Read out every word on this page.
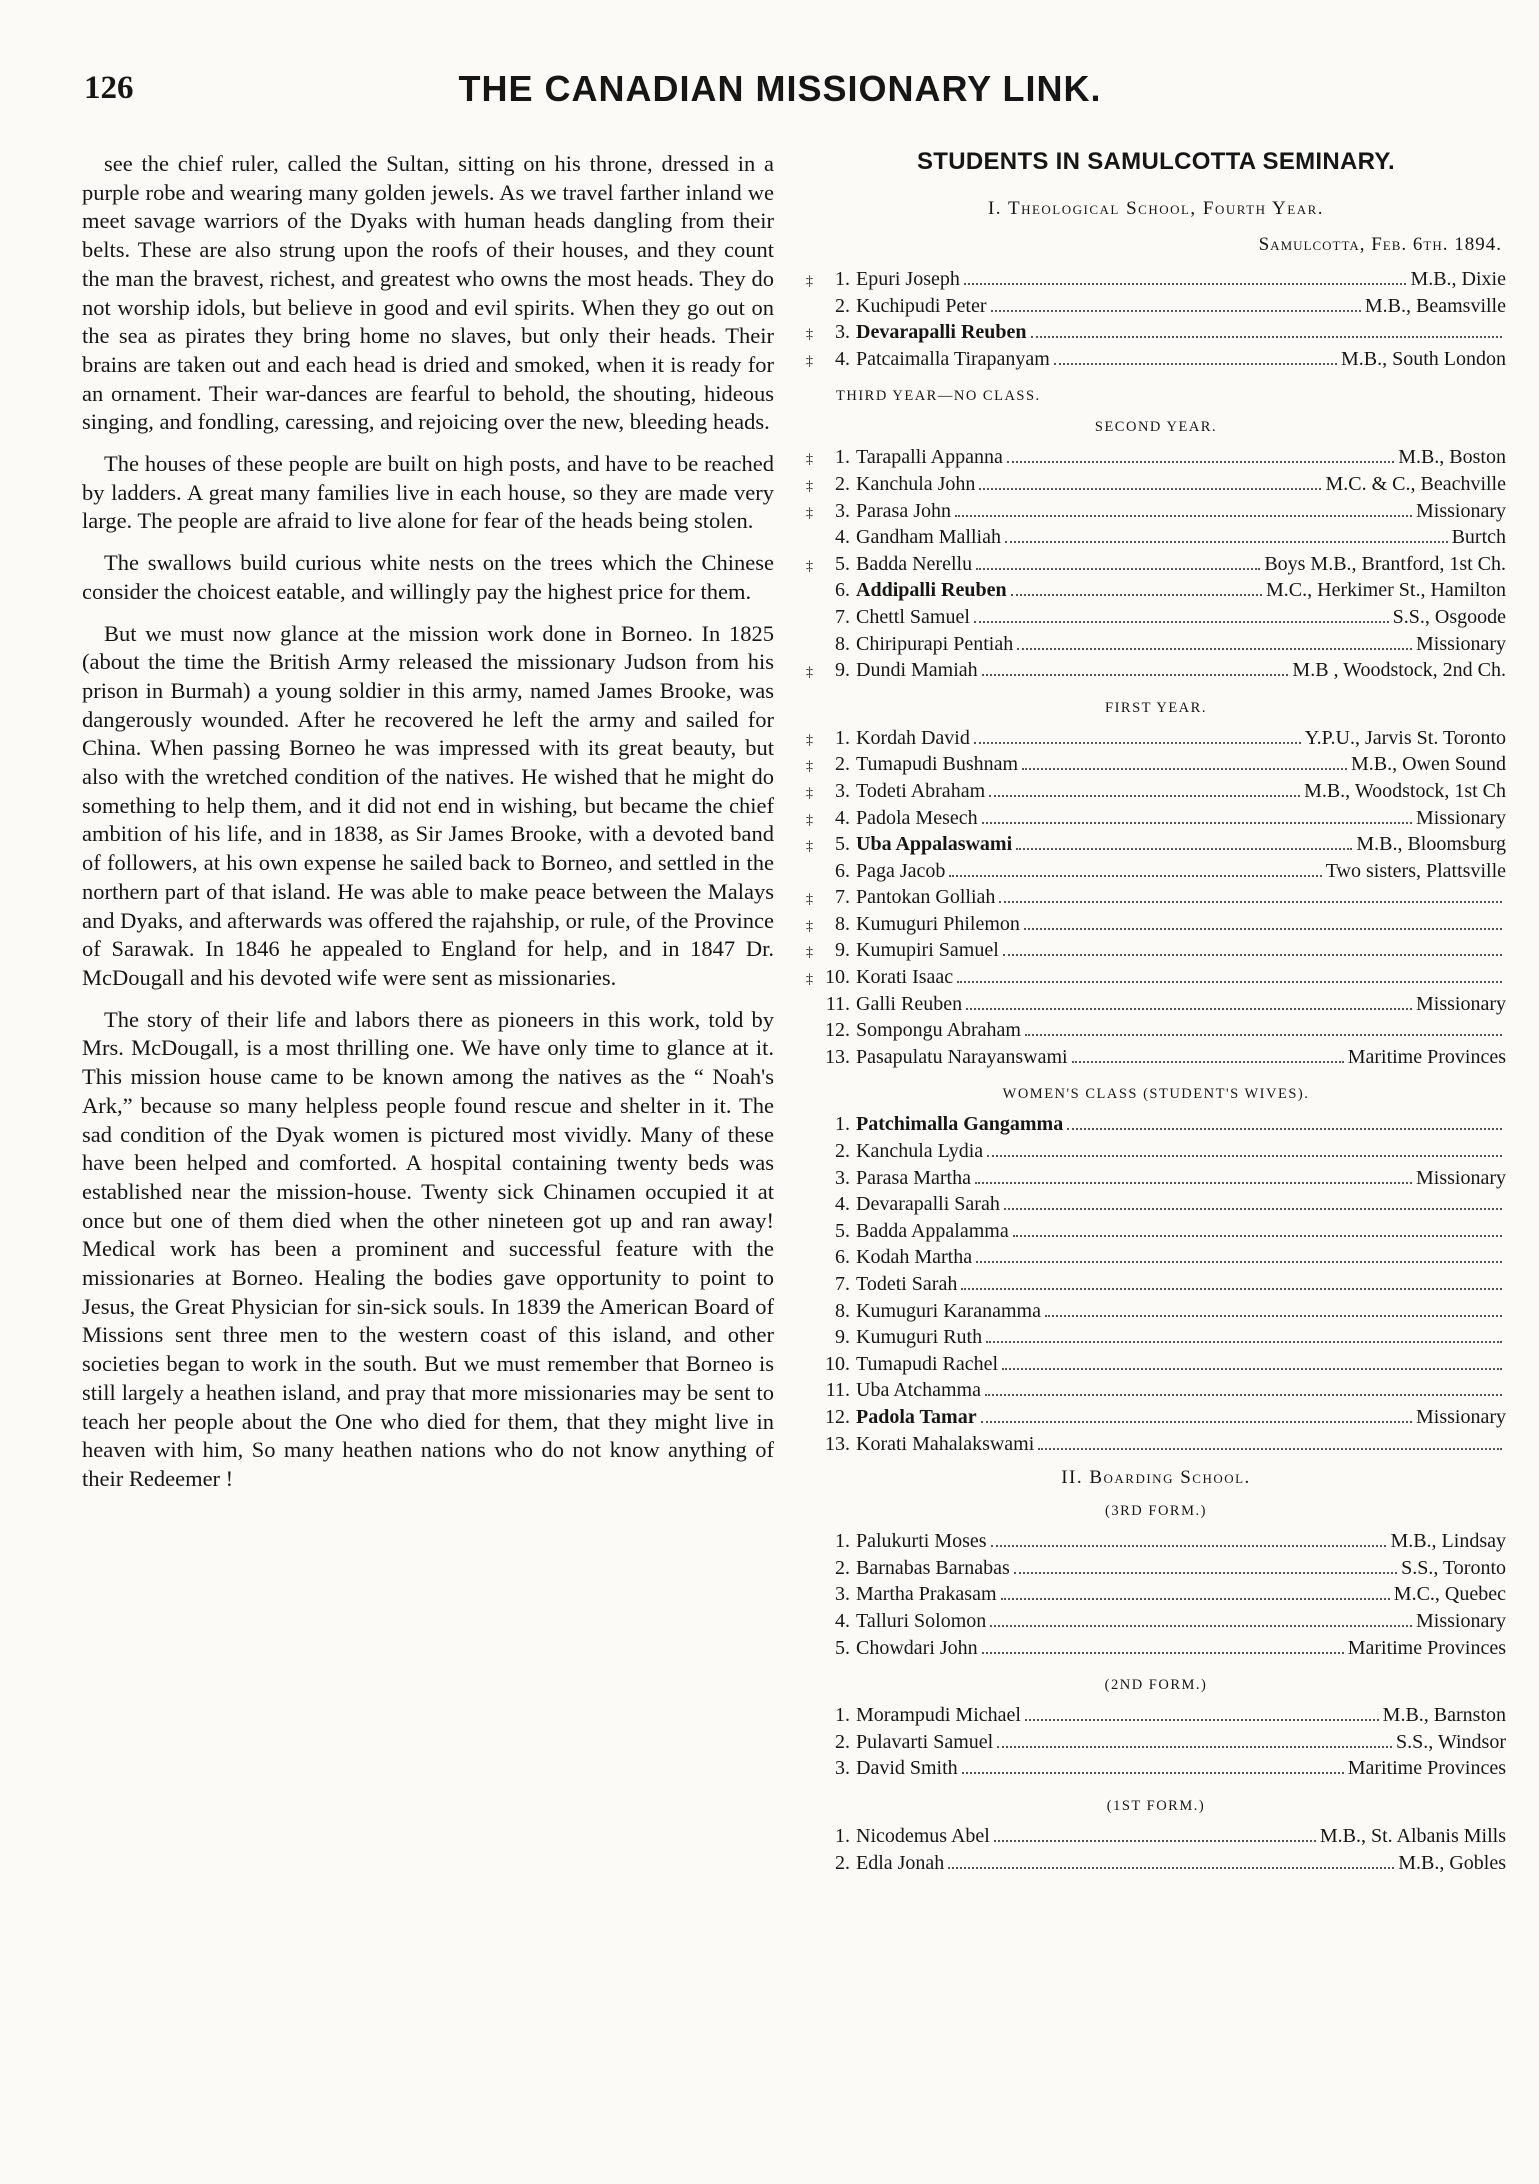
126	THE CANADIAN MISSIONARY LINK.

see the chief ruler, called the Sultan, sitting on his throne, dressed in a purple robe and wearing many golden jewels. As we travel farther inland we meet savage warriors of the Dyaks with human heads dangling from their belts. These are also strung upon the roofs of their houses, and they count the man the bravest, richest, and greatest who owns the most heads. They do not worship idols, but believe in good and evil spirits. When they go out on the sea as pirates they bring home no slaves, but only their heads. Their brains are taken out and each head is dried and smoked, when it is ready for an ornament. Their war-dances are fearful to behold, the shouting, hideous singing, and fondling, caressing, and rejoicing over the new, bleeding heads.

The houses of these people are built on high posts, and have to be reached by ladders. A great many families live in each house, so they are made very large. The people are afraid to live alone for fear of the heads being stolen.

The swallows build curious white nests on the trees which the Chinese consider the choicest eatable, and willingly pay the highest price for them.

But we must now glance at the mission work done in Borneo. In 1825 (about the time the British Army released the missionary Judson from his prison in Burmah) a young soldier in this army, named James Brooke, was dangerously wounded. After he recovered he left the army and sailed for China. When passing Borneo he was impressed with its great beauty, but also with the wretched condition of the natives. He wished that he might do something to help them, and it did not end in wishing, but became the chief ambition of his life, and in 1838, as Sir James Brooke, with a devoted band of followers, at his own expense he sailed back to Borneo, and settled in the northern part of that island. He was able to make peace between the Malays and Dyaks, and afterwards was offered the rajahship, or rule, of the Province of Sarawak. In 1846 he appealed to England for help, and in 1847 Dr. McDougall and his devoted wife were sent as missionaries.

The story of their life and labors there as pioneers in this work, told by Mrs. McDougall, is a most thrilling one. We have only time to glance at it. This mission house came to be known among the natives as the “ Noah's Ark,” because so many helpless people found rescue and shelter in it. The sad condition of the Dyak women is pictured most vividly. Many of these have been helped and comforted. A hospital containing twenty beds was established near the mission-house. Twenty sick Chinamen occupied it at once but one of them died when the other nineteen got up and ran away! Medical work has been a prominent and successful feature with the missionaries at Borneo. Healing the bodies gave opportunity to point to Jesus, the Great Physician for sin-sick souls. In 1839 the American Board of Missions sent three men to the western coast of this island, and other societies began to work in the south. But we must remember that Borneo is still largely a heathen island, and pray that more missionaries may be sent to teach her people about the One who died for them, that they might live in heaven with him, So many heathen nations who do not know anything of their Redeemer !

STUDENTS IN SAMULCOTTA SEMINARY.
I. Theological School, Fourth Year.
Samulcotta, Feb. 6th. 1894.
‡	1. Epuri Joseph	M.B., Dixie
2. Kuchipudi Peter	M.B., Beamsville
‡	3. Devarapalli Reuben
‡	4. Patcaimalla Tirapanyam	M.B., South London
THIRD YEAR—NO CLASS.
SECOND YEAR.
‡	1. Tarapalli Appanna	M.B., Boston
‡	2. Kanchula John	M.C. & C., Beachville
‡	3. Parasa John	Missionary
4. Gandham Malliah	Burtch
‡	5. Badda Nerellu	Boys M.B., Brantford, 1st Ch.
6. Addipalli Reuben	M.C., Herkimer St., Hamilton
7. Chettl Samuel	S.S., Osgoode
8. Chiripurapi Pentiah	Missionary
‡	9. Dundi Mamiah	M.B , Woodstock, 2nd Ch.
FIRST YEAR.
‡	1. Kordah David	Y.P.U., Jarvis St. Toronto
‡	2. Tumapudi Bushnam	M.B., Owen Sound
‡	3. Todeti Abraham	M.B., Woodstock, 1st Ch
‡	4. Padola Mesech	Missionary
‡	5. Uba Appalaswami	M.B., Bloomsburg
6. Paga Jacob	Two sisters, Plattsville
‡	7. Pantokan Golliah
‡	8. Kumuguri Philemon
‡	9. Kumupiri Samuel
‡ 10. Korati Isaac
11. Galli Reuben	Missionary
12. Sompongu Abraham
13. Pasapulatu Narayanswami	Maritime Provinces
WOMEN'S CLASS (STUDENT'S WIVES).
1. Patchimalla Gangamma
2. Kanchula Lydia
3. Parasa Martha	Missionary
4. Devarapalli Sarah
5. Badda Appalamma
6. Kodah Martha
7. Todeti Sarah
8. Kumuguri Karanamma
9. Kumuguri Ruth
10. Tumapudi Rachel
11. Uba Atchamma
12. Padola Tamar	Missionary
13. Korati Mahalakswami
II. Boarding School.
(3RD FORM.)
1. Palukurti Moses	M.B., Lindsay
2. Barnabas Barnabas	S.S., Toronto
3. Martha Prakasam	M.C., Quebec
4. Talluri Solomon	Missionary
5. Chowdari John	Maritime Provinces
(2ND FORM.)
1. Morampudi Michael	M.B., Barnston
2. Pulavarti Samuel	S.S., Windsor
3. David Smith	Maritime Provinces
(1ST FORM.)
1. Nicodemus Abel	M.B., St. Albanis Mills
2. Edla Jonah	M.B., Gobles
